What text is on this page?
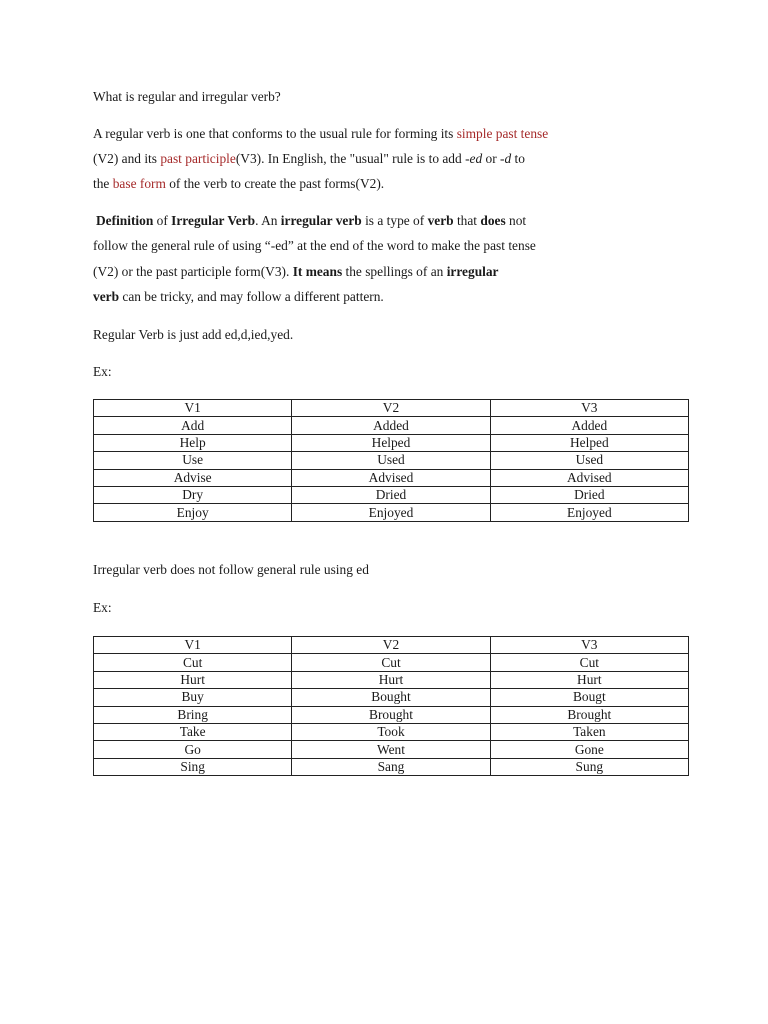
What is regular and irregular verb?
A regular verb is one that conforms to the usual rule for forming its simple past tense
(V2) and its past participle(V3). In English, the "usual" rule is to add -ed or -d to
the base form of the verb to create the past forms(V2).
Definition of Irregular Verb. An irregular verb is a type of verb that does not
follow the general rule of using “-ed” at the end of the word to make the past tense
(V2) or the past participle form(V3). It means the spellings of an irregular
verb can be tricky, and may follow a different pattern.
Regular Verb is just add ed,d,ied,yed.
Ex:
V1	V2	V3
Add	Added	Added
Help	Helped	Helped
Use	Used	Used
Advise	Advised	Advised
Dry	Dried	Dried
Enjoy	Enjoyed	Enjoyed
Irregular verb does not follow general rule using ed
Ex:
V1	V2	V3
Cut	Cut	Cut
Hurt	Hurt	Hurt
Buy	Bought	Bougt
Bring	Brought	Brought
Take	Took	Taken
Go	Went	Gone
Sing	Sang	Sung
